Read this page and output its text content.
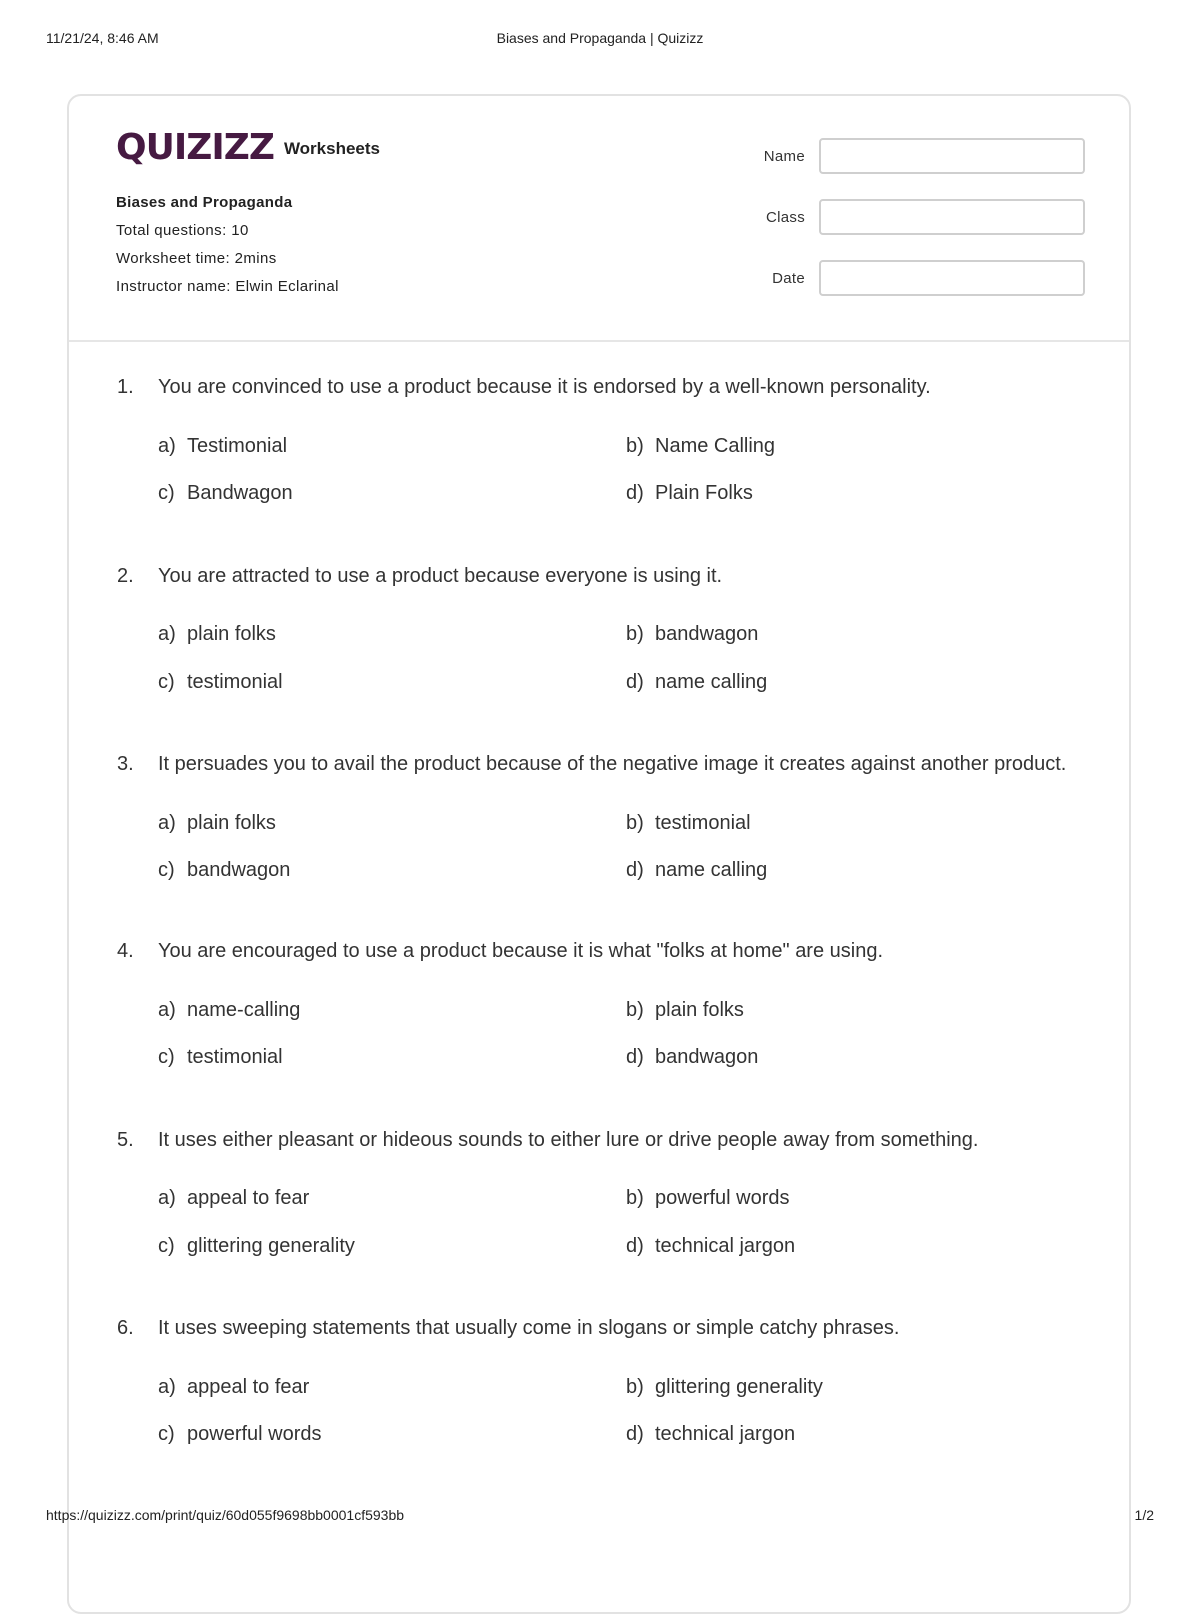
11/21/24, 8:46 AM	Biases and Propaganda | Quizizz
QUIZIZZ Worksheets
Biases and Propaganda
Total questions: 10
Worksheet time: 2mins
Instructor name: Elwin Eclarinal
Name
Class
Date
1. You are convinced to use a product because it is endorsed by a well-known personality.
a) Testimonial	b) Name Calling
c) Bandwagon	d) Plain Folks
2. You are attracted to use a product because everyone is using it.
a) plain folks	b) bandwagon
c) testimonial	d) name calling
3. It persuades you to avail the product because of the negative image it creates against another product.
a) plain folks	b) testimonial
c) bandwagon	d) name calling
4. You are encouraged to use a product because it is what "folks at home" are using.
a) name-calling	b) plain folks
c) testimonial	d) bandwagon
5. It uses either pleasant or hideous sounds to either lure or drive people away from something.
a) appeal to fear	b) powerful words
c) glittering generality	d) technical jargon
6. It uses sweeping statements that usually come in slogans or simple catchy phrases.
a) appeal to fear	b) glittering generality
c) powerful words	d) technical jargon
https://quizizz.com/print/quiz/60d055f9698bb0001cf593bb	1/2
